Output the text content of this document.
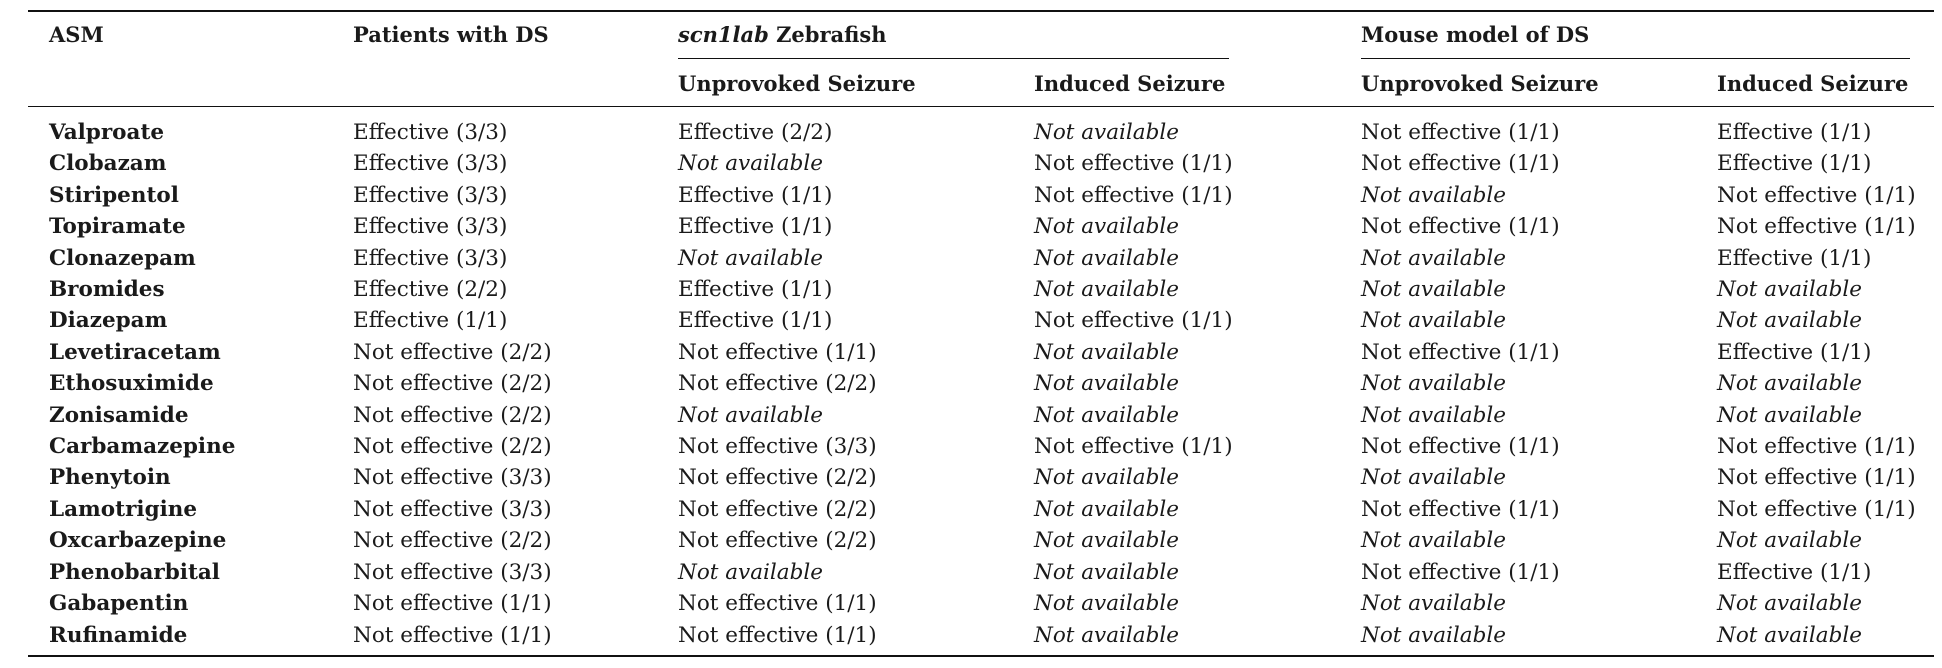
ASM	Patients with DS	scn1lab Zebrafish	Mouse model of DS
Unprovoked Seizure	Induced Seizure	Unprovoked Seizure	Induced Seizure
Valproate	Effective (3/3)	Effective (2/2)	Not available	Not effective (1/1)	Effective (1/1)
Clobazam	Effective (3/3)	Not available	Not effective (1/1)	Not effective (1/1)	Effective (1/1)
Stiripentol	Effective (3/3)	Effective (1/1)	Not effective (1/1)	Not available	Not effective (1/1)
Topiramate	Effective (3/3)	Effective (1/1)	Not available	Not effective (1/1)	Not effective (1/1)
Clonazepam	Effective (3/3)	Not available	Not available	Not available	Effective (1/1)
Bromides	Effective (2/2)	Effective (1/1)	Not available	Not available	Not available
Diazepam	Effective (1/1)	Effective (1/1)	Not effective (1/1)	Not available	Not available
Levetiracetam	Not effective (2/2)	Not effective (1/1)	Not available	Not effective (1/1)	Effective (1/1)
Ethosuximide	Not effective (2/2)	Not effective (2/2)	Not available	Not available	Not available
Zonisamide	Not effective (2/2)	Not available	Not available	Not available	Not available
Carbamazepine	Not effective (2/2)	Not effective (3/3)	Not effective (1/1)	Not effective (1/1)	Not effective (1/1)
Phenytoin	Not effective (3/3)	Not effective (2/2)	Not available	Not available	Not effective (1/1)
Lamotrigine	Not effective (3/3)	Not effective (2/2)	Not available	Not effective (1/1)	Not effective (1/1)
Oxcarbazepine	Not effective (2/2)	Not effective (2/2)	Not available	Not available	Not available
Phenobarbital	Not effective (3/3)	Not available	Not available	Not effective (1/1)	Effective (1/1)
Gabapentin	Not effective (1/1)	Not effective (1/1)	Not available	Not available	Not available
Rufinamide	Not effective (1/1)	Not effective (1/1)	Not available	Not available	Not available
